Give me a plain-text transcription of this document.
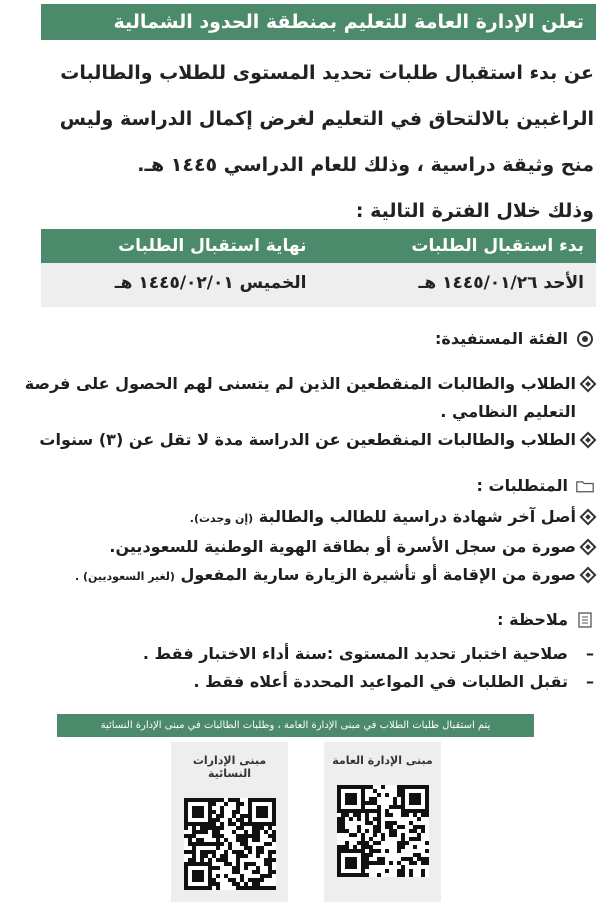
تعلن الإدارة العامة للتعليم بمنطقة الحدود الشمالية

عن بدء استقبال طلبات تحديد المستوى للطلاب والطالبات

الراغبين بالالتحاق في التعليم لغرض إكمال الدراسة وليس

منح وثيقة دراسية ، وذلك للعام الدراسي ١٤٤٥ هـ.

وذلك خلال الفترة التالية :

بدء استقبال الطلبات
نهاية استقبال الطلبات
الأحد ١٤٤٥/٠١/٢٦ هـ
الخميس ١٤٤٥/٠٢/٠١ هـ
الفئة المستفيدة:
الطلاب والطالبات المنقطعين الذين لم يتسنى لهم الحصول على فرصة التعليم النظامي .
الطلاب والطالبات المنقطعين عن الدراسة مدة لا تقل عن (٣) سنوات
المتطلبات :
أصل آخر شهادة دراسية للطالب والطالبة (إن وجدت).
صورة من سجل الأسرة أو بطاقة الهوية الوطنية للسعوديين.
صورة من الإقامة أو تأشيرة الزيارة سارية المفعول (لغير السعوديين) .
ملاحظة :
–
صلاحية اختبار تحديد المستوى :سنة أداء الاختبار فقط .
–
تقبل الطلبات في المواعيد المحددة أعلاه فقط .
يتم استقبال طلبات الطلاب في مبنى الإدارة العامة ، وطلبات الطالبات في مبنى الإدارة النسائية
مبنى الإدارة العامة
مبنى الإدارات النسائية
